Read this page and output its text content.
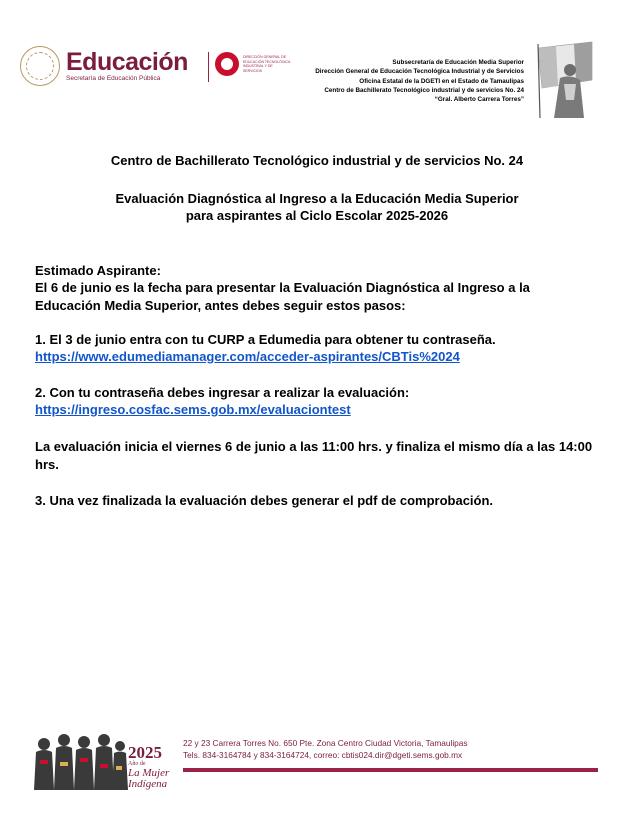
Educación
Secretaría de Educación Pública
DIRECCIÓN GENERAL DE EDUCACIÓN TECNOLÓGICA INDUSTRIAL Y DE SERVICIOS
Subsecretaría de Educación Media Superior
Dirección General de Educación Tecnológica Industrial y de Servicios
Oficina Estatal de la DGETI en el Estado de Tamaulipas
Centro de Bachillerato Tecnológico industrial y de servicios No. 24
“Gral. Alberto Carrera Torres”
Centro de Bachillerato Tecnológico industrial y de servicios No. 24
Evaluación Diagnóstica al Ingreso a la Educación Media Superior
para aspirantes al Ciclo Escolar 2025-2026
Estimado Aspirante:
El 6 de junio es la fecha para presentar la Evaluación Diagnóstica al Ingreso a la Educación Media Superior, antes debes seguir estos pasos:
1. El 3 de junio entra con tu CURP a Edumedia para obtener tu contraseña.
https://www.edumediamanager.com/acceder-aspirantes/CBTis%2024
2. Con tu contraseña debes ingresar a realizar la evaluación:
https://ingreso.cosfac.sems.gob.mx/evaluaciontest
La evaluación inicia el viernes 6 de junio a las 11:00 hrs. y finaliza el mismo día a las 14:00 hrs.
3. Una vez finalizada la evaluación debes generar el pdf de comprobación.
2025
Año de
La Mujer
Indígena
22 y 23 Carrera Torres No. 650 Pte. Zona Centro Ciudad Victoria, Tamaulipas
Tels. 834-3164784 y 834-3164724, correo: cbtis024.dir@dgeti.sems.gob.mx
